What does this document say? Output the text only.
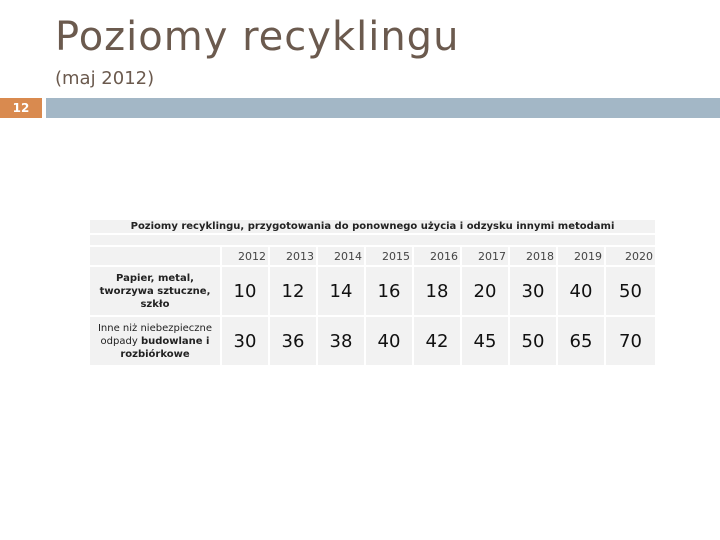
Poziomy recyklingu
(maj 2012)
12
Poziomy recyklingu, przygotowania do ponownego użycia i odzysku innymi metodami									

	2012	2013	2014	2015	2016	2017	2018	2019	2020
Papier, metal, tworzywa sztuczne, szkło	10	12	14	16	18	20	30	40	50
Inne niż niebezpieczne odpady budowlane i rozbiórkowe	30	36	38	40	42	45	50	65	70
